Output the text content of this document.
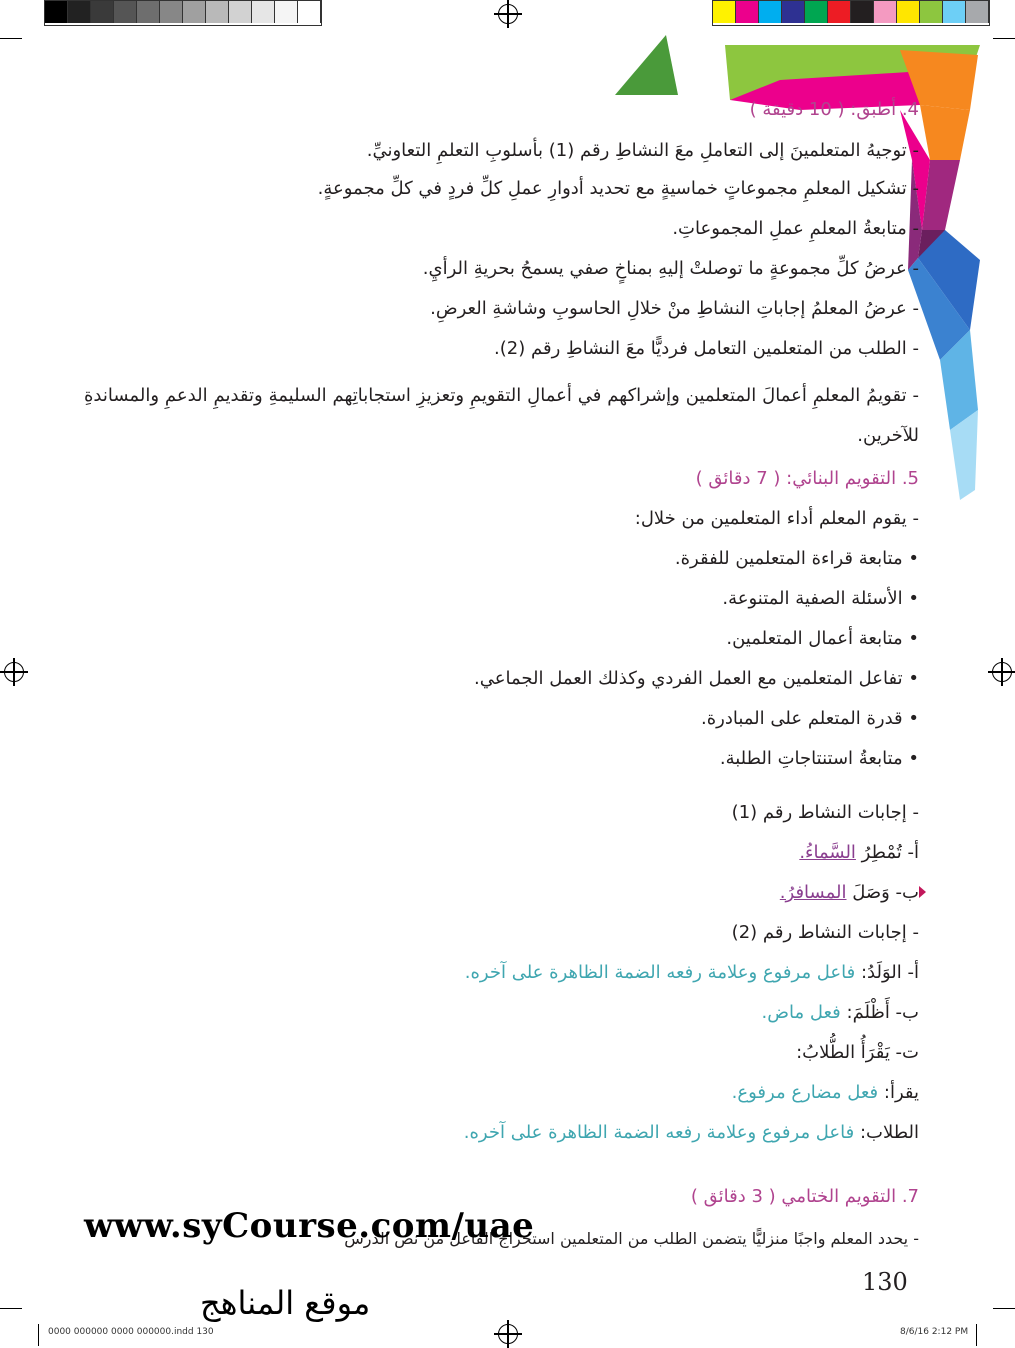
4. أطبق: ( 10 دقيقة )
- توجيهُ المتعلمينَ إلى التعاملِ معَ النشاطِ رقم (1) بأسلوبِ التعلمِ التعاونيِّ.
- تشكيل المعلمِ مجموعاتٍ خماسيةٍ مع تحديد أدوارِ عملِ كلِّ فردٍ في كلِّ مجموعةٍ.
- متابعةُ المعلمِ عملِ المجموعاتِ.
- عرضُ كلِّ مجموعةٍ ما توصلتْ إليهِ بمناخٍ صفي يسمحُ بحريةِ الرأيِ.
- عرضُ المعلمُ إجاباتِ النشاطِ منْ خلالِ الحاسوبِ وشاشةِ العرضِ.
- الطلب من المتعلمين التعامل فرديًّا معَ النشاطِ رقم (2).
- تقويمُ المعلمِ أعمالَ المتعلمين وإشراكهم في أعمالِ التقويمِ وتعزيزِ استجاباتِهم السليمةِ وتقديمِ الدعمِ والمساندةِ للآخرين.
5. التقويم البنائي: ( 7 دقائق )
- يقوم المعلم أداء المتعلمين من خلال:
• متابعة قراءة المتعلمين للفقرة.
• الأسئلة الصفية المتنوعة.
• متابعة أعمال المتعلمين.
• تفاعل المتعلمين مع العمل الفردي وكذلك العمل الجماعي.
• قدرة المتعلم على المبادرة.
• متابعةُ استنتاجاتِ الطلبة.
- إجابات النشاط رقم (1)
أ- تُمْطِرُ السَّماءُ.
ب- وَصَلَ المسافرُ.
- إجابات النشاط رقم (2)
أ- الوَلَدُ: فاعل مرفوع وعلامة رفعه الضمة الظاهرة على آخره.
ب- أَظْلَمَ: فعل ماض.
ت- يَقْرَأُ الطُّلابُ:
يقرأ: فعل مضارع مرفوع.
الطلاب: فاعل مرفوع وعلامة رفعه الضمة الظاهرة على آخره.
7. التقويم الختامي ( 3 دقائق )
- يحدد المعلم واجبًا منزليًّا يتضمن الطلب من المتعلمين استخراج الفاعل من نص الدرس
www.syCourse.com/uae
موقع المناهج
130
0000 000000 0000 000000.indd 130	8/6/16 2:12 PM
